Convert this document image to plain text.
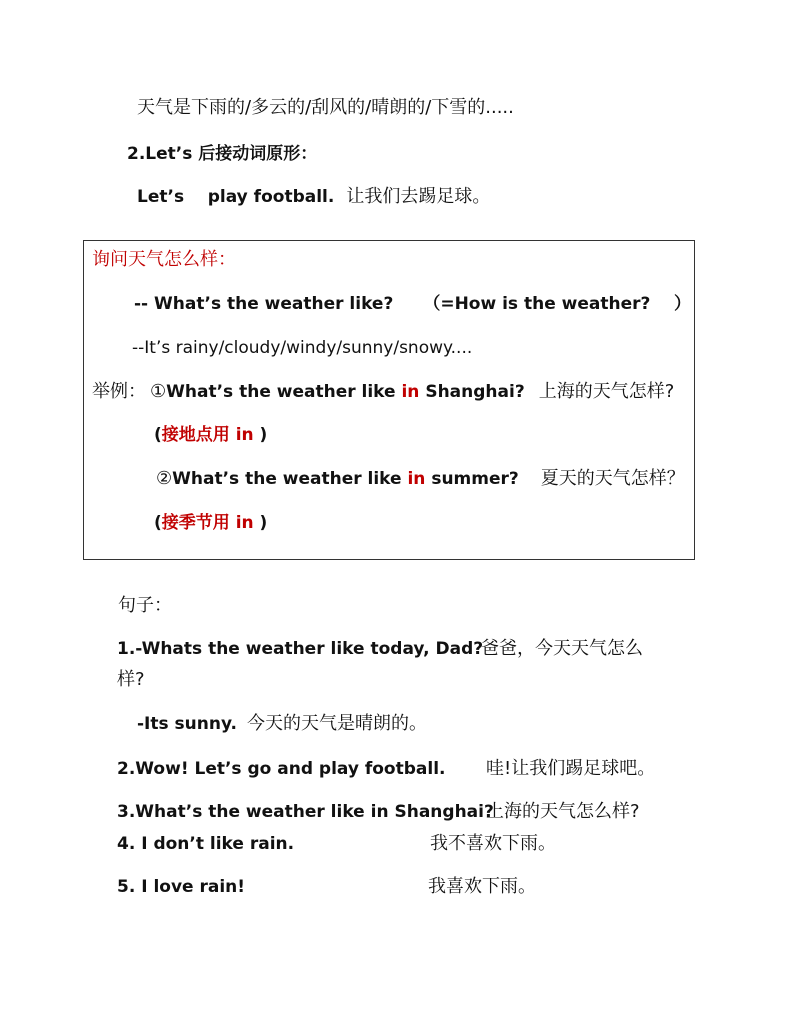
天气是下雨的/多云的/刮风的/晴朗的/下雪的.....
2.Let’s 后接动词原形：
Let’s    play football. 让我们去踢足球。
询问天气怎么样：
-- What’s the weather like? （=How is the weather?    ）
--It’s rainy/cloudy/windy/sunny/snowy....
举例： ①What’s the weather like in Shanghai? 上海的天气怎样?
(接地点用 in )
②What’s the weather like in summer? 夏天的天气怎样？
(接季节用 in )
句子：
1.-Whats the weather like today, Dad?
爸爸，今天天气怎么
样?
-Its sunny. 今天的天气是晴朗的。
2.Wow! Let’s go and play football. 哇!让我们踢足球吧。
3.What’s the weather like in Shanghai?
上海的天气怎么样?
4. I don’t like rain.	我不喜欢下雨。
5. I love rain!	我喜欢下雨。
